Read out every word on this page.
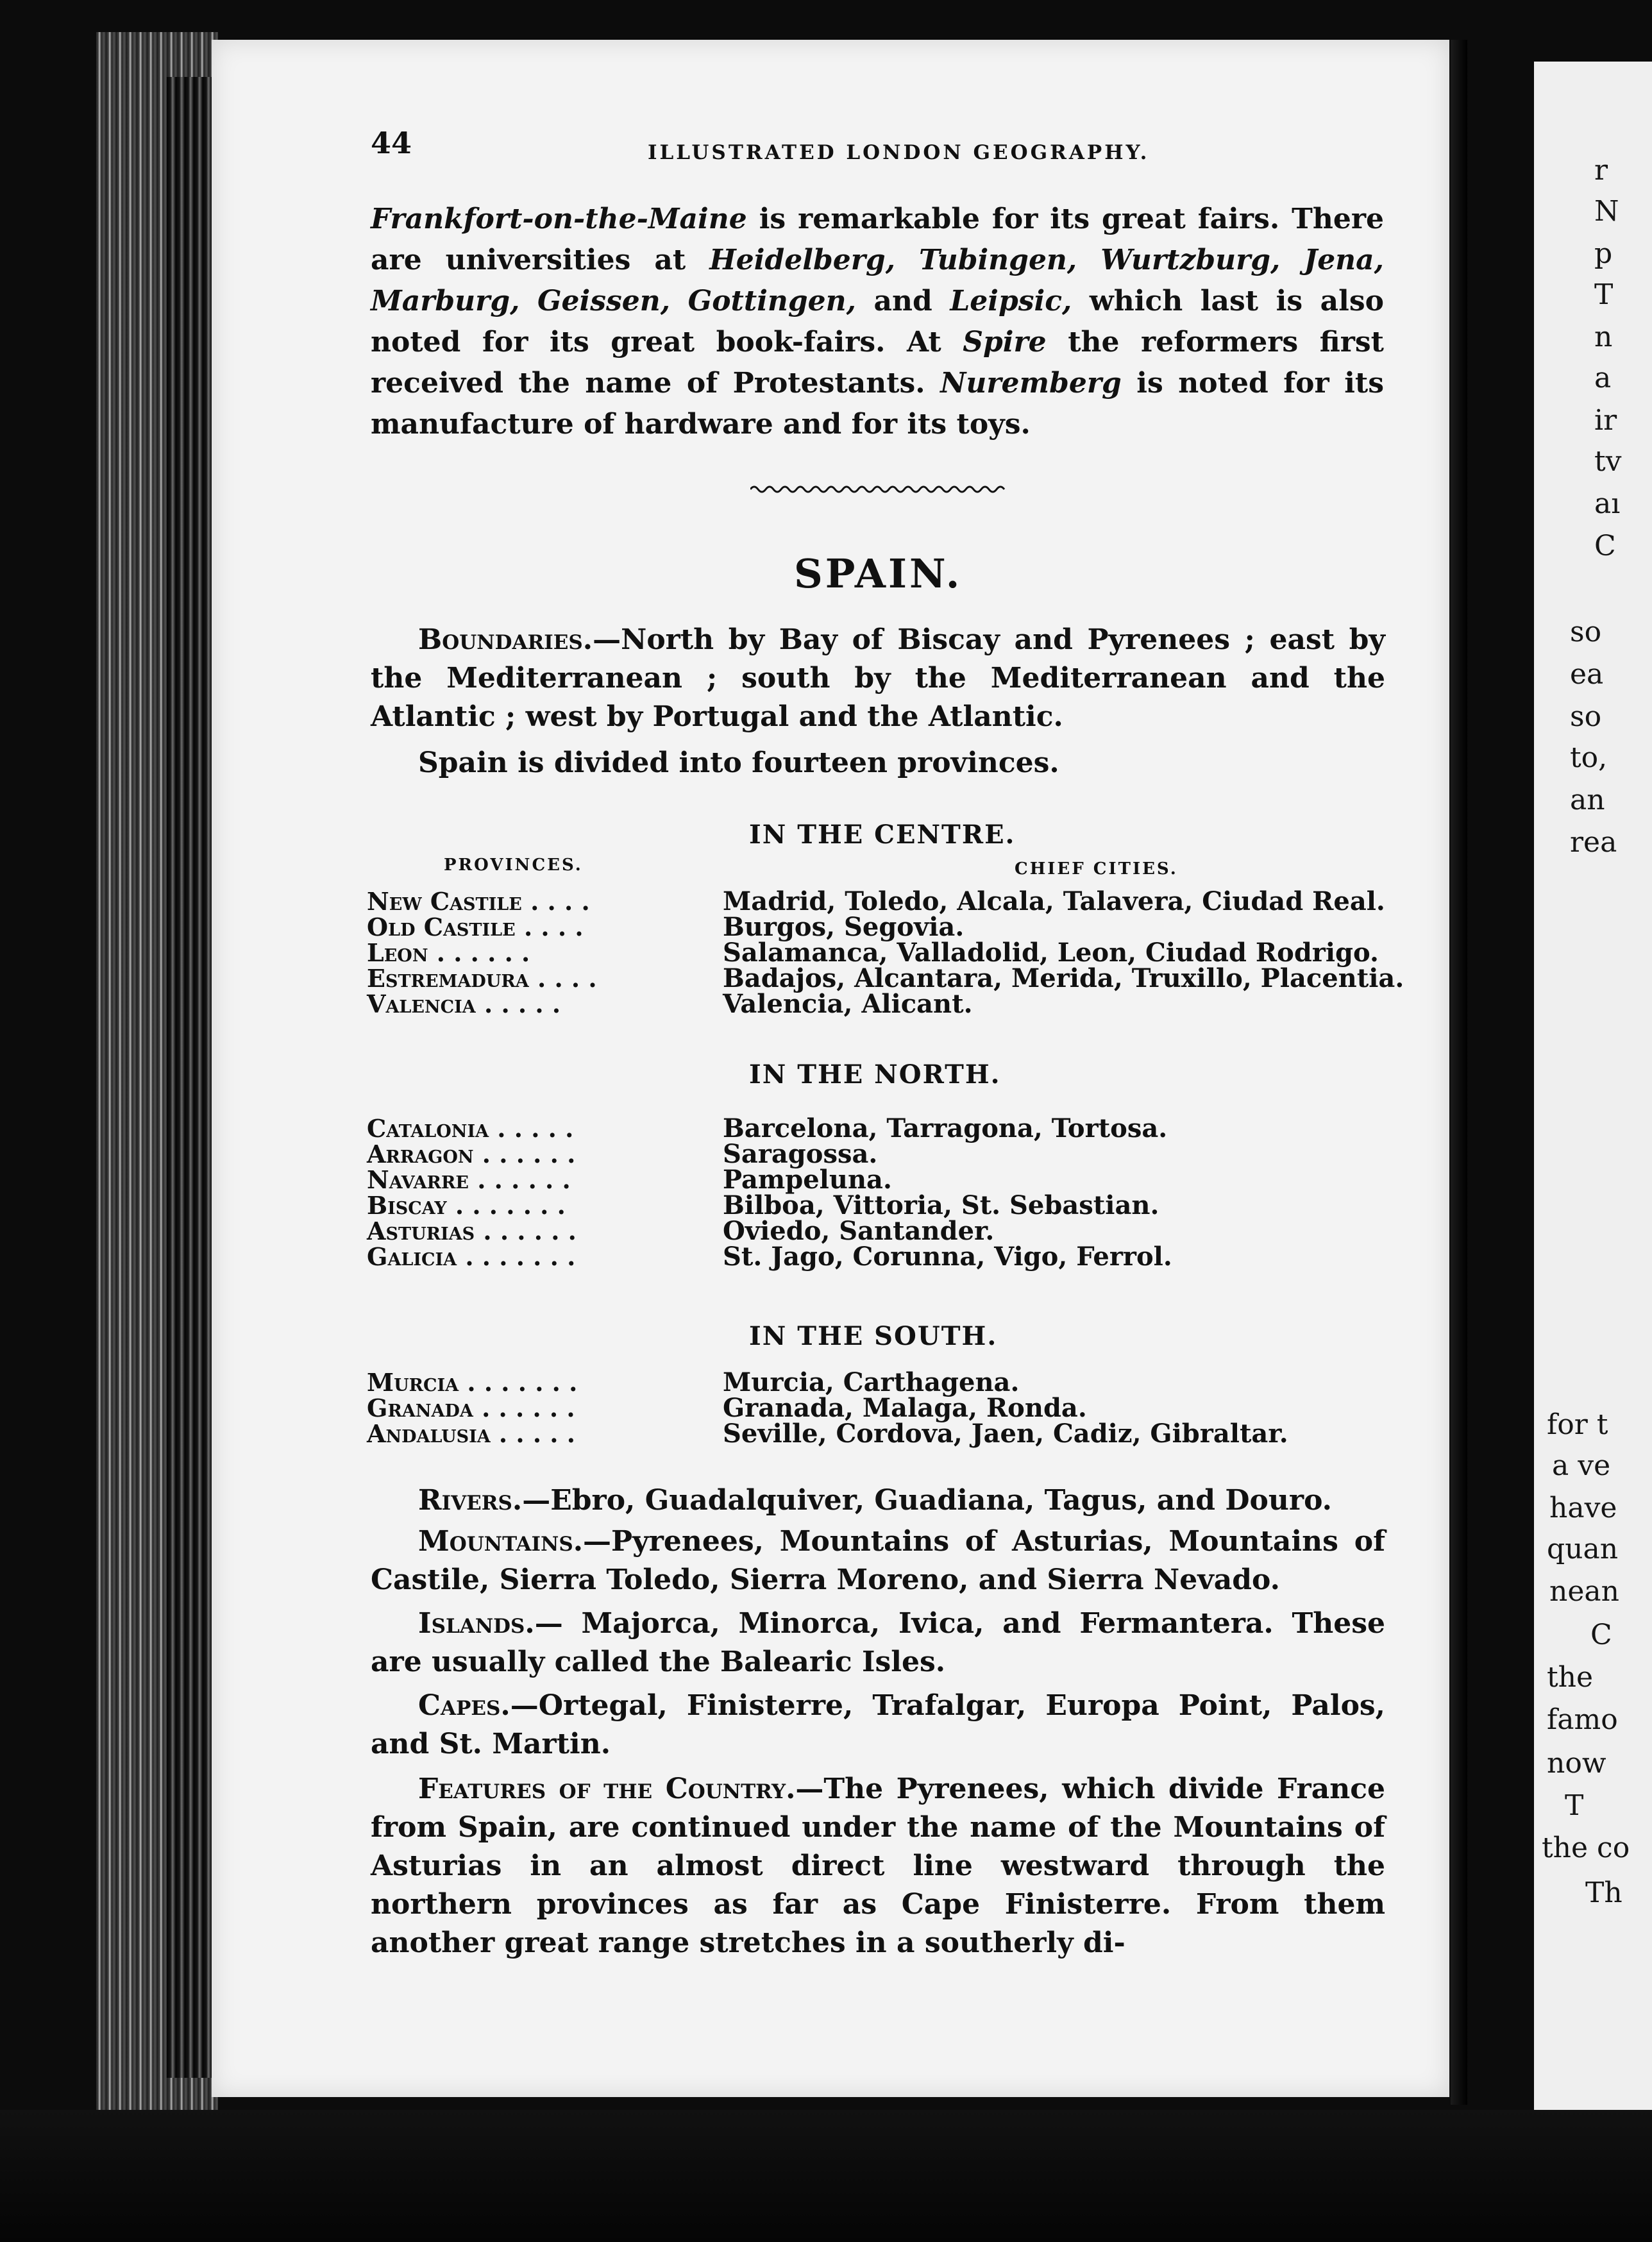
r
N
p
T
n
a
ir
tv
aı
C
so
ea
so
to,
an
rea
for t
a ve
have
quan
nean
C
the
famo
now
T
the co
Th
44	ILLUSTRATED LONDON GEOGRAPHY.
Frankfort-on-the-Maine is remarkable for its great fairs. There are universities at Heidelberg, Tubingen, Wurtzburg, Jena, Marburg, Geissen, Gottingen, and Leipsic, which last is also noted for its great book-fairs. At Spire the reformers first received the name of Protestants. Nuremberg is noted for its manufacture of hardware and for its toys.
SPAIN.
Boundaries.—North by Bay of Biscay and Pyrenees ; east by the Mediterranean ; south by the Mediterranean and the Atlantic ; west by Portugal and the Atlantic.
Spain is divided into fourteen provinces.
IN THE CENTRE.
PROVINCES.	CHIEF CITIES.
New Castile . . . .	Madrid, Toledo, Alcala, Talavera, Ciudad Real.
Old Castile . . . .	Burgos, Segovia.
Leon . . . . . .	Salamanca, Valladolid, Leon, Ciudad Rodrigo.
Estremadura . . . .	Badajos, Alcantara, Merida, Truxillo, Placentia.
Valencia . . . . .	Valencia, Alicant.
IN THE NORTH.
Catalonia . . . . .	Barcelona, Tarragona, Tortosa.
Arragon . . . . . .	Saragossa.
Navarre . . . . . .	Pampeluna.
Biscay . . . . . . .	Bilboa, Vittoria, St. Sebastian.
Asturias . . . . . .	Oviedo, Santander.
Galicia . . . . . . .	St. Jago, Corunna, Vigo, Ferrol.
IN THE SOUTH.
Murcia . . . . . . .	Murcia, Carthagena.
Granada . . . . . .	Granada, Malaga, Ronda.
Andalusia . . . . .	Seville, Cordova, Jaen, Cadiz, Gibraltar.
Rivers.—Ebro, Guadalquiver, Guadiana, Tagus, and Douro.
Mountains.—Pyrenees, Mountains of Asturias, Mountains of Castile, Sierra Toledo, Sierra Moreno, and Sierra Nevado.
Islands.— Majorca, Minorca, Ivica, and Fermantera. These are usually called the Balearic Isles.
Capes.—Ortegal, Finisterre, Trafalgar, Europa Point, Palos, and St. Martin.
Features of the Country.—The Pyrenees, which divide France from Spain, are continued under the name of the Mountains of Asturias in an almost direct line westward through the northern provinces as far as Cape Finisterre. From them another great range stretches in a southerly di-
